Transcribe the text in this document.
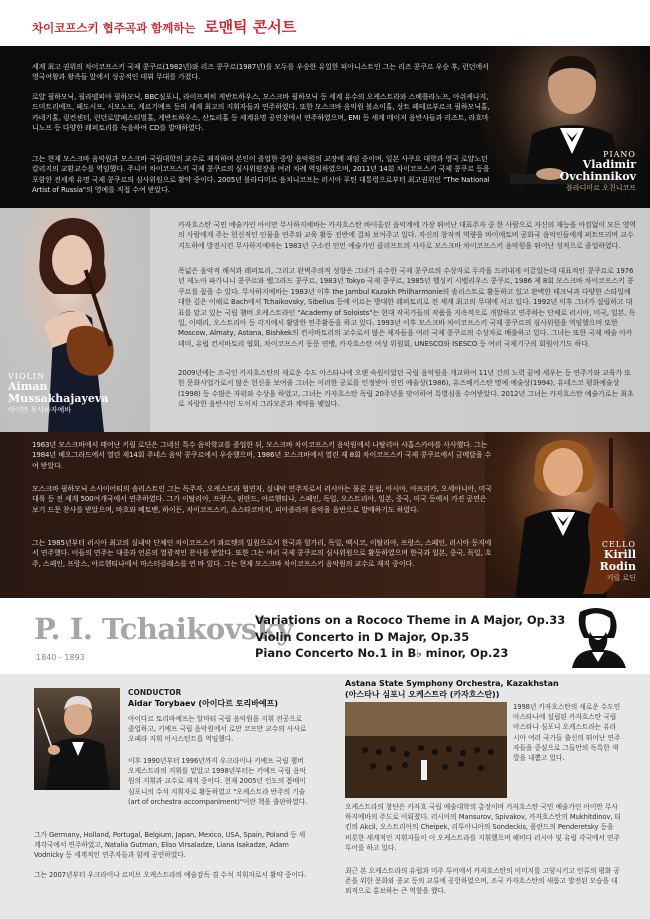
차이코프스키 협주곡과 함께하는 로맨틱 콘서트
세계 최고 권위의 차이코프스키 국제 콩쿠르(1982년)와 리즈 콩쿠르(1987년)를 모두를 우승한 유일한 피아니스트인 그는 리즈 콩쿠르 우승 후, 런던에서 영국여왕과 왕족들 앞에서 성공적인 데뷔 무대를 가졌다.
로얄 필하모닉, 필라델피아 필하모닉, BBC심포니, 라이프찌히 게반트하우스, 모스크바 필하모닉 등 세계 유수의 오케스트라와 스베틀라노프, 아쉬케나지, 드미트리에프, 페도시프, 시모노프, 게르기예프 등의 세계 최고의 지휘자들과 연주하였다. 또한 모스크바 음악원 볼쇼이홀, 상트 페테르부르크 필하모닉홀, 카네기홀, 링컨센터, 런던로얄페스티벌홀, 게반트하우스, 산토리홀 등 세계유명 공연장에서 연주하였으며, EMI 등 세계 메이저 음반사들과 리즈트, 라흐마니노프 등 다양한 레퍼토리를 녹음하여 CD를 발매하였다.
그는 현재 모스크바 음악원과 모스크바 국립대학의 교수로 재직하며 본인이 졸업한 중앙 음악원의 교장에 재임 중이며, 일본 사쿠요 대학과 영국 로얄노던칼리지의 교환교수를 역임했다. 주니어 차이코프스키 국제 콩쿠르의 심사위원장을 여러 차례 역임하였으며, 2011년 14회 차이코프스키 국제 콩쿠르 등을 포함한 전세계 유명 국제 콩쿠르의 심사위원으로 활약 중이다. 2005년 블라디미르 음치니코프는 러시아 푸틴 대통령으로부터 최고권위인 "The National Artist of Russia"의 영예를 직접 수여 받았다.
PIANO
Vladimir
Ovchinnikov
블라디미르 오친니코프
카자흐스탄 국민 예술가인 아이만 무사하지예바는 카자흐스탄 바이올린 음악계에 가장 뛰어난 대표주자 중 한 사람으로 자신의 재능을 아낌없이 모든 영역의 사람에게 주는 헌신적인 인물을 연주와 교육 활동 전반에 걸쳐 보여주고 있다. 자신의 창작적 역량을 바이에토버 공화국 음악인들에게 퍼트뜨리며 교수 지도하에 발전시킨 무사하지예바는 1983년 구소련 인민 예술가인 클리프트의 사사로 모스크바 차이코프스키 음악원을 뛰어난 성적으로 졸업하였다.
폭넓은 음악적 해석과 레퍼토리, 그리고 완벽주의적 성향은 그녀가 유수한 국제 콩쿠르의 수상자로 두각을 드러내게 이끌었는데 대표적인 콩쿠르로 1976년 제노아 파가니니 콩쿠르와 벨그라드 콩쿠르, 1983년 Tokyo 국제 콩쿠르, 1985년 헬싱키 시벨리우스 콩쿠르, 1986 제 8회 모스크바 차이코프스키 콩쿠르를 꼽을 수 있다. 무사하지예바는 1983년 이후 the Jambul Kazakh Philharmonie의 솔리스트로 활동하고 있고 완벽한 테크닉과 다양한 스타일에 대한 깊은 이해로 Bach에서 Tchaikovsky, Sibelius 등에 이르는 방대한 레퍼토리로 전 세계 최고의 무대에 서고 있다. 1992년 이후 그녀가 설립하고 대표를 맡고 있는 국립 챔버 오케스트라인 "Academy of Soloists"는 현대 작곡가들의 작품을 지속적으로 개발하고 연주하는 단체로 러시아, 미국, 일본, 독일, 이태리, 오스트리아 등 각지에서 활발한 연주활동을 하고 있다. 1993년 이후 모스크바 차이코프스키 국제 콩쿠르의 심사위원을 역임했으며 또한 Moscow, Almaty, Astana, Bishkek의 컨서바토리의 교수로서 많은 제자들을 여러 국제 콩쿠르의 수상자로 배출하고 있다. 그녀는 또한 국제 예술 아카데미, 유럽 컨서바토리 협회, 차이코프스키 동문 연맹, 카자흐스탄 여성 위원회, UNESCO와 ISESCO 등 여러 국제기구의 회원이기도 하다.
2009년에는 조국인 카자흐스탄의 새로운 수도 아스타나에 오랜 숙원이었던 국립 음악원을 개교하여 11년 간의 노력 끝에 세우는 등 연주가와 교육가 또한 문화사업가로서 많은 헌신을 보여줄 그녀는 이러한 공로를 인정받아 인민 예술상(1986), 유즈베키스탄 명예 예술상(1994), 유네스코 평화예술상(1998) 등 수많은 자위와 수상을 하였고, 그녀는 카자흐스탄 독립 20주년을 맞이하여 특별심을 수여받았다. 2012년 그녀는 카자흐스탄 예술가로는 최초로 자랑한 음반사인 도이치 그라모폰과 계약을 맺었다.
VIOLIN
Aiman
Mussakhajayeva
아이만 무사하자예바
1963년 모스크바에서 태어난 키릴 로딘은 그네신 특수 음악학교를 졸업한 뒤, 모스크바 차이코프스키 음악원에서 나탈리아 샤홉스카야를 사사했다. 그는 1984년 베오그라드에서 열린 제14회 주네스 음악 콩쿠르에서 우승했으며, 1986년 모스크바에서 열린 제 8회 차이코프스키 국제 콩쿠르에서 금메달을 수여 받았다.
모스크바 필하모닉 소사이어티의 솔리스트인 그는 독주자, 오케스트라 협연자, 실내악 연주자로서 러시아는 물론 유럽, 아시아, 아프리카, 오세아니아, 미국 대륙 등 전 세계 500여개국에서 연주하였다. 그가 이탈리아, 프랑스, 핀란드, 아르헨티나, 스페인, 독일, 오스트리아, 일본, 중국, 미국 등에서 가진 공연은 보기 드문 찬사를 받았으며, 바흐와 베토벤, 하이든, 차이코프스키, 쇼스타코비치, 피아졸라의 음악을 음반으로 발매하기도 하였다.
그는 1985년부터 러시아 최고의 실내악 단체인 차이코프스키 콰르텟의 일원으로서 한국과 헝가리, 독일, 멕시코, 이탈리아, 프랑스, 스페인, 러시아 등지에서 연주했다. 이들의 연주는 대중과 언론의 열광적인 찬사를 받았다. 또한 그는 여러 국제 콩쿠르의 심사위원으로 활동하였으며 한국과 일본, 중국, 독일, 호주, 스페인, 프랑스, 아르헨티나에서 마스터클래스를 연 바 있다. 그는 현재 모스크바 차이코프스키 음악원의 교수로 재직 중이다.
CELLO
Kirill
Rodin
키릴 로딘
P. I. Tchaikovsky
1840 - 1893
Variations on a Rococo Theme in A Major, Op.33
Violin Concerto in D Major, Op.35
Piano Concerto No.1 in B♭ minor, Op.23
CONDUCTOR
Aidar Torybaev (아이다르 토리바예프)
아이다르 토리바예프는 알마티 국립 음악원을 지휘 전공으로 졸업하고, 키예프 국립 음악원에서 로만 코프만 교수의 사사로 오페라 지휘 어시스턴트를 역임했다.
이후 1990년부터 1996년까지 우크라이나 키예프 국립 챔버 오케스트라의 지휘를 맡았고 1998년부터는 키예프 국립 음악원의 지휘과 교수로 재직 중이다. 현재 2005년 인도의 봄베이 심포니의 수석 지휘자로 활동하였고 "오케스트라 반주의 기술(art of orchestra accompaniment)"이란 책을 출판하였다.
그가 Germany, Holland, Portugal, Belgium, Japan, Mexico, USA, Spain, Poland 등 세계각국에서 연주하였고, Natalia Gutman, Eliso Virsaladze, Liana Isakadze, Adam Vodnicky 등 세계적인 연주자들과 함께 공연하였다.
그는 2007년부터 우크라이나 르비브 오케스트라의 예술감독 겸 수석 지휘자로서 활약 중이다.
Astana State Symphony Orchestra, Kazakhstan
(아스타나 심포니 오케스트라 (카자흐스탄))
1998년 카자흐스탄의 새로운 수도인 아스타나에 설립된 카자흐스탄 국립 아스타나 심포니 오케스트라는 유라시아 여러 국가들 출신의 뛰어난 연주자들을 중심으로 그들만의 독특한 색깔을 내뿜고 있다.
오케스트라의 창단은 카자흐 국립 예술대학의 총장이며 카자흐스탄 국민 예술가인 아이만 무사하지예바의 주도로 이뤄졌다. 러시아의 Mansurov, Spivakov, 카자흐스탄의 Mukhitdinov, 티킨의 Akcil, 오스트리아의 Cheipek, 리투아니아의 Sondeckis, 폴란드의 Penderetsky 등을 비롯한 세계적인 지휘자들이 이 오케스트라를 지휘했으며 헤비다 러시아 및 유럽 각국에서 연주투어를 하고 있다.
최근 본 오케스트라의 유럽과 미주 투어에서 카자흐스탄의 이미지를 고양시키고 인류의 평화 공존을 위한 문화와 종교 등의 교류에 공헌하였으며, 조국 카자흐스탄의 새롭고 발전된 모습을 대외적으로 홍보하는 큰 역할을 했다.
